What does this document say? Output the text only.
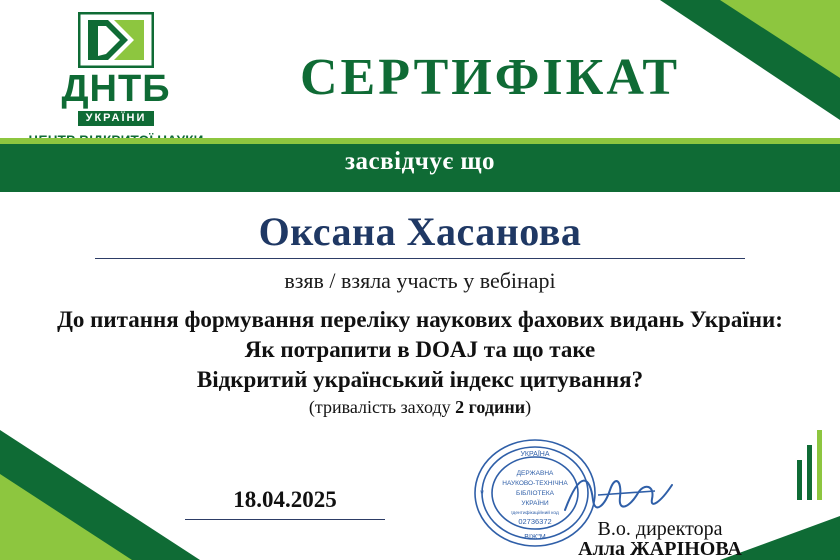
ДНТБ
УКРАЇНИ
СЕРТИФІКАТ
засвідчує що
Оксана Хасанова
взяв / взяла участь у вебінарі
До питання формування переліку наукових фахових видань України:
Як потрапити в DOAJ та що таке
Відкритий український індекс цитування?
(тривалість заходу 2 години)
18.04.2025
УКРАЇНА
ДЕРЖАВНА
НАУКОВО-ТЕХНІЧНА
БІБЛІОТЕКА
УКРАЇНИ
Ідентифікаційний код
02736372
ВІЖ"М
*
В.о. директора
Алла ЖАРІНОВА
